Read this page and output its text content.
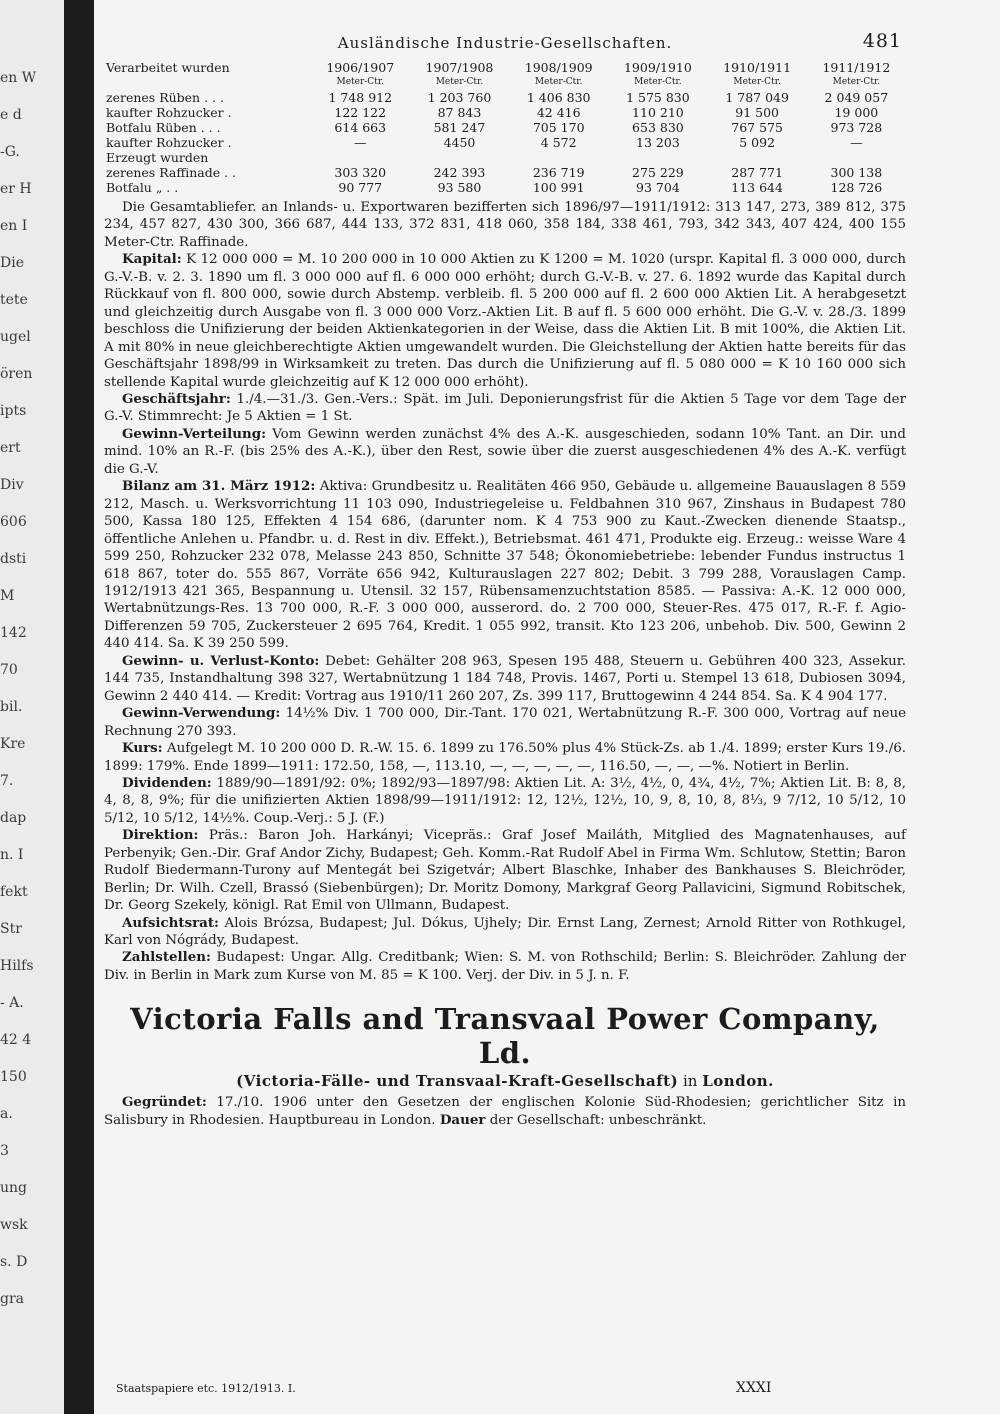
en W
e d
-G.
er H
en I
Die
tete
ugel
ören
ipts
ert
Div
606
dsti
M
142
70
bil.
Kre
7.
dap
n. I
fekt
Str
Hilfs
- A.
42 4
150
a.
3
ung
wsk
s. D
gra
Ausländische Industrie-Gesellschaften.	481
Verarbeitet wurden	1906/1907	1907/1908	1908/1909	1909/1910	1910/1911	1911/1912
	Meter-Ctr.	Meter-Ctr.	Meter-Ctr.	Meter-Ctr.	Meter-Ctr.	Meter-Ctr.
zerenes Rüben . . .	1 748 912	1 203 760	1 406 830	1 575 830	1 787 049	2 049 057
kaufter Rohzucker .	122 122	87 843	42 416	110 210	91 500	19 000
Botfalu Rüben . . .	614 663	581 247	705 170	653 830	767 575	973 728
kaufter Rohzucker .	—	4450	4 572	13 203	5 092	—
Erzeugt wurden						
zerenes Raffinade . .	303 320	242 393	236 719	275 229	287 771	300 138
Botfalu „ . .	90 777	93 580	100 991	93 704	113 644	128 726

Die Gesamtabliefer. an Inlands- u. Exportwaren bezifferten sich 1896/97—1911/1912: 313 147, 273, 389 812, 375 234, 457 827, 430 300, 366 687, 444 133, 372 831, 418 060, 358 184, 338 461, 793, 342 343, 407 424, 400 155 Meter-Ctr. Raffinade.

Kapital: K 12 000 000 = M. 10 200 000 in 10 000 Aktien zu K 1200 = M. 1020 (urspr. Kapital fl. 3 000 000, durch G.-V.-B. v. 2. 3. 1890 um fl. 3 000 000 auf fl. 6 000 000 erhöht; durch G.-V.-B. v. 27. 6. 1892 wurde das Kapital durch Rückkauf von fl. 800 000, sowie durch Abstemp. verbleib. fl. 5 200 000 auf fl. 2 600 000 Aktien Lit. A herabgesetzt und gleichzeitig durch Ausgabe von fl. 3 000 000 Vorz.-Aktien Lit. B auf fl. 5 600 000 erhöht. Die G.-V. v. 28./3. 1899 beschloss die Unifizierung der beiden Aktienkategorien in der Weise, dass die Aktien Lit. B mit 100%, die Aktien Lit. A mit 80% in neue gleichberechtigte Aktien umgewandelt wurden. Die Gleichstellung der Aktien hatte bereits für das Geschäftsjahr 1898/99 in Wirksamkeit zu treten. Das durch die Unifizierung auf fl. 5 080 000 = K 10 160 000 sich stellende Kapital wurde gleichzeitig auf K 12 000 000 erhöht).

Geschäftsjahr: 1./4.—31./3. Gen.-Vers.: Spät. im Juli. Deponierungsfrist für die Aktien 5 Tage vor dem Tage der G.-V. Stimmrecht: Je 5 Aktien = 1 St.

Gewinn-Verteilung: Vom Gewinn werden zunächst 4% des A.-K. ausgeschieden, sodann 10% Tant. an Dir. und mind. 10% an R.-F. (bis 25% des A.-K.), über den Rest, sowie über die zuerst ausgeschiedenen 4% des A.-K. verfügt die G.-V.

Bilanz am 31. März 1912: Aktiva: Grundbesitz u. Realitäten 466 950, Gebäude u. allgemeine Bauauslagen 8 559 212, Masch. u. Werksvorrichtung 11 103 090, Industriegeleise u. Feldbahnen 310 967, Zinshaus in Budapest 780 500, Kassa 180 125, Effekten 4 154 686, (darunter nom. K 4 753 900 zu Kaut.-Zwecken dienende Staatsp., öffentliche Anlehen u. Pfandbr. u. d. Rest in div. Effekt.), Betriebsmat. 461 471, Produkte eig. Erzeug.: weisse Ware 4 599 250, Rohzucker 232 078, Melasse 243 850, Schnitte 37 548; Ökonomiebetriebe: lebender Fundus instructus 1 618 867, toter do. 555 867, Vorräte 656 942, Kulturauslagen 227 802; Debit. 3 799 288, Vorauslagen Camp. 1912/1913 421 365, Bespannung u. Utensil. 32 157, Rübensamenzuchtstation 8585. — Passiva: A.-K. 12 000 000, Wertabnützungs-Res. 13 700 000, R.-F. 3 000 000, ausserord. do. 2 700 000, Steuer-Res. 475 017, R.-F. f. Agio-Differenzen 59 705, Zuckersteuer 2 695 764, Kredit. 1 055 992, transit. Kto 123 206, unbehob. Div. 500, Gewinn 2 440 414. Sa. K 39 250 599.

Gewinn- u. Verlust-Konto: Debet: Gehälter 208 963, Spesen 195 488, Steuern u. Gebühren 400 323, Assekur. 144 735, Instandhaltung 398 327, Wertabnützung 1 184 748, Provis. 1467, Porti u. Stempel 13 618, Dubiosen 3094, Gewinn 2 440 414. — Kredit: Vortrag aus 1910/11 260 207, Zs. 399 117, Bruttogewinn 4 244 854. Sa. K 4 904 177.

Gewinn-Verwendung: 14½% Div. 1 700 000, Dir.-Tant. 170 021, Wertabnützung R.-F. 300 000, Vortrag auf neue Rechnung 270 393.

Kurs: Aufgelegt M. 10 200 000 D. R.-W. 15. 6. 1899 zu 176.50% plus 4% Stück-Zs. ab 1./4. 1899; erster Kurs 19./6. 1899: 179%. Ende 1899—1911: 172.50, 158, —, 113.10, —, —, —, —, —, 116.50, —, —, —%. Notiert in Berlin.

Dividenden: 1889/90—1891/92: 0%; 1892/93—1897/98: Aktien Lit. A: 3½, 4½, 0, 4¾, 4½, 7%; Aktien Lit. B: 8, 8, 4, 8, 8, 9%; für die unifizierten Aktien 1898/99—1911/1912: 12, 12½, 12½, 10, 9, 8, 10, 8, 8⅓, 9 7/12, 10 5/12, 10 5/12, 10 5/12, 14½%. Coup.-Verj.: 5 J. (F.)

Direktion: Präs.: Baron Joh. Harkányi; Vicepräs.: Graf Josef Mailáth, Mitglied des Magnatenhauses, auf Perbenyik; Gen.-Dir. Graf Andor Zichy, Budapest; Geh. Komm.-Rat Rudolf Abel in Firma Wm. Schlutow, Stettin; Baron Rudolf Biedermann-Turony auf Mentegát bei Szigetvár; Albert Blaschke, Inhaber des Bankhauses S. Bleichröder, Berlin; Dr. Wilh. Czell, Brassó (Siebenbürgen); Dr. Moritz Domony, Markgraf Georg Pallavicini, Sigmund Robitschek, Dr. Georg Szekely, königl. Rat Emil von Ullmann, Budapest.

Aufsichtsrat: Alois Brózsa, Budapest; Jul. Dókus, Ujhely; Dir. Ernst Lang, Zernest; Arnold Ritter von Rothkugel, Karl von Nógrády, Budapest.

Zahlstellen: Budapest: Ungar. Allg. Creditbank; Wien: S. M. von Rothschild; Berlin: S. Bleichröder. Zahlung der Div. in Berlin in Mark zum Kurse von M. 85 = K 100. Verj. der Div. in 5 J. n. F.

Victoria Falls and Transvaal Power Company, Ld.
(Victoria-Fälle- und Transvaal-Kraft-Gesellschaft) in London.

Gegründet: 17./10. 1906 unter den Gesetzen der englischen Kolonie Süd-Rhodesien; gerichtlicher Sitz in Salisbury in Rhodesien. Hauptbureau in London. Dauer der Gesellschaft: unbeschränkt.

Staatspapiere etc. 1912/1913. I.	XXXI
